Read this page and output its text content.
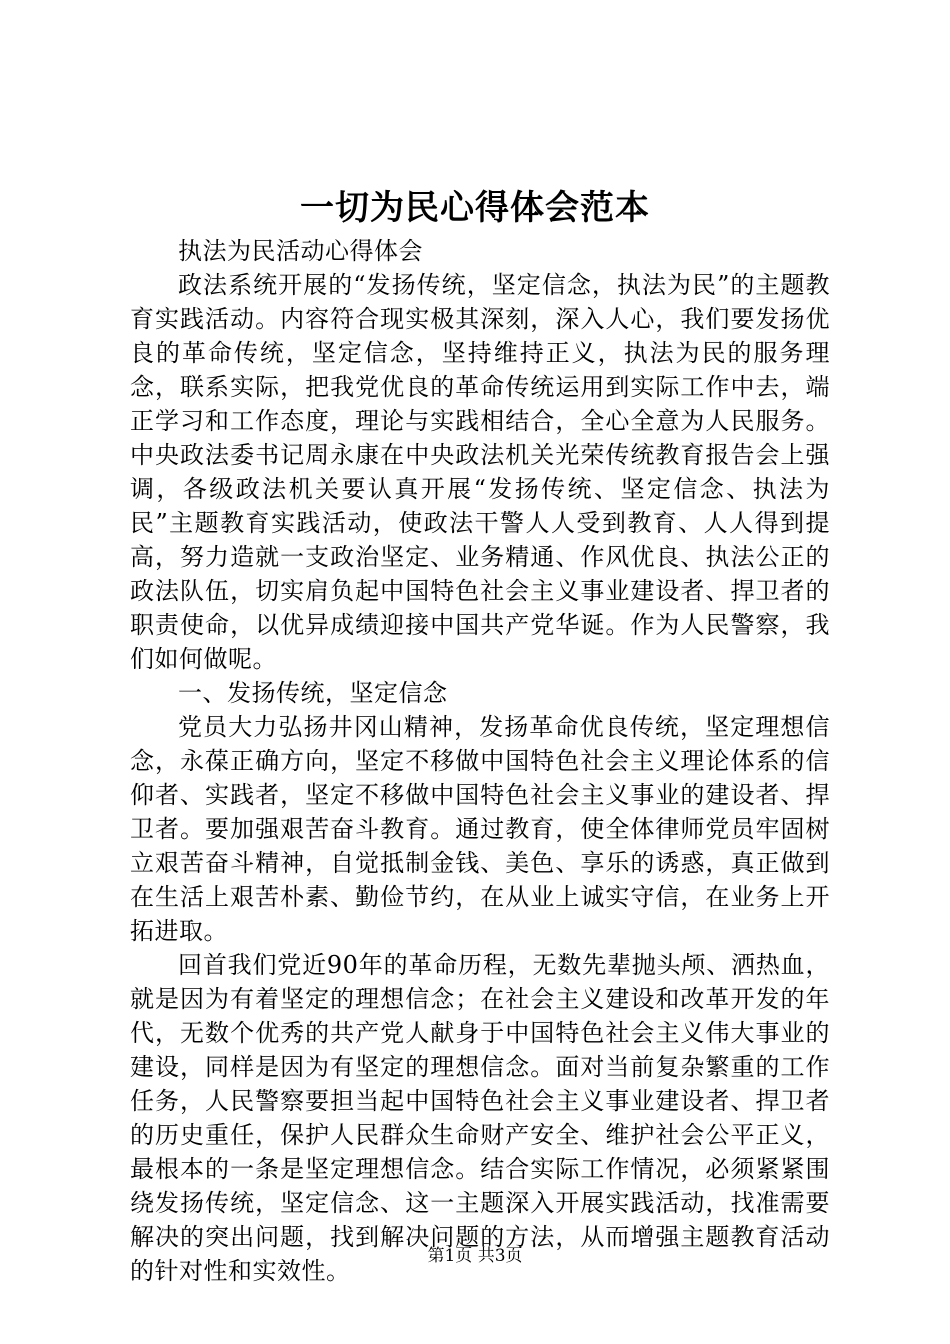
一切为民心得体会范本

执法为民活动心得体会

政法系统开展的“发扬传统，坚定信念，执法为民”的主题教育实践活动。内容符合现实极其深刻，深入人心，我们要发扬优良的革命传统，坚定信念，坚持维持正义，执法为民的服务理念，联系实际，把我党优良的革命传统运用到实际工作中去，端正学习和工作态度，理论与实践相结合，全心全意为人民服务。中央政法委书记周永康在中央政法机关光荣传统教育报告会上强调，各级政法机关要认真开展“发扬传统、坚定信念、执法为民”主题教育实践活动，使政法干警人人受到教育、人人得到提高，努力造就一支政治坚定、业务精通、作风优良、执法公正的政法队伍，切实肩负起中国特色社会主义事业建设者、捍卫者的职责使命，以优异成绩迎接中国共产党华诞。作为人民警察，我们如何做呢。

一、发扬传统，坚定信念

党员大力弘扬井冈山精神，发扬革命优良传统，坚定理想信念，永葆正确方向，坚定不移做中国特色社会主义理论体系的信仰者、实践者，坚定不移做中国特色社会主义事业的建设者、捍卫者。要加强艰苦奋斗教育。通过教育，使全体律师党员牢固树立艰苦奋斗精神，自觉抵制金钱、美色、享乐的诱惑，真正做到在生活上艰苦朴素、勤俭节约，在从业上诚实守信，在业务上开拓进取。

回首我们党近90年的革命历程，无数先辈抛头颅、洒热血，就是因为有着坚定的理想信念；在社会主义建设和改革开发的年代，无数个优秀的共产党人献身于中国特色社会主义伟大事业的建设，同样是因为有坚定的理想信念。面对当前复杂繁重的工作任务，人民警察要担当起中国特色社会主义事业建设者、捍卫者的历史重任，保护人民群众生命财产安全、维护社会公平正义，最根本的一条是坚定理想信念。结合实际工作情况，必须紧紧围绕发扬传统，坚定信念、这一主题深入开展实践活动，找准需要解决的突出问题，找到解决问题的方法，从而增强主题教育活动的针对性和实效性。

第1页 共3页
